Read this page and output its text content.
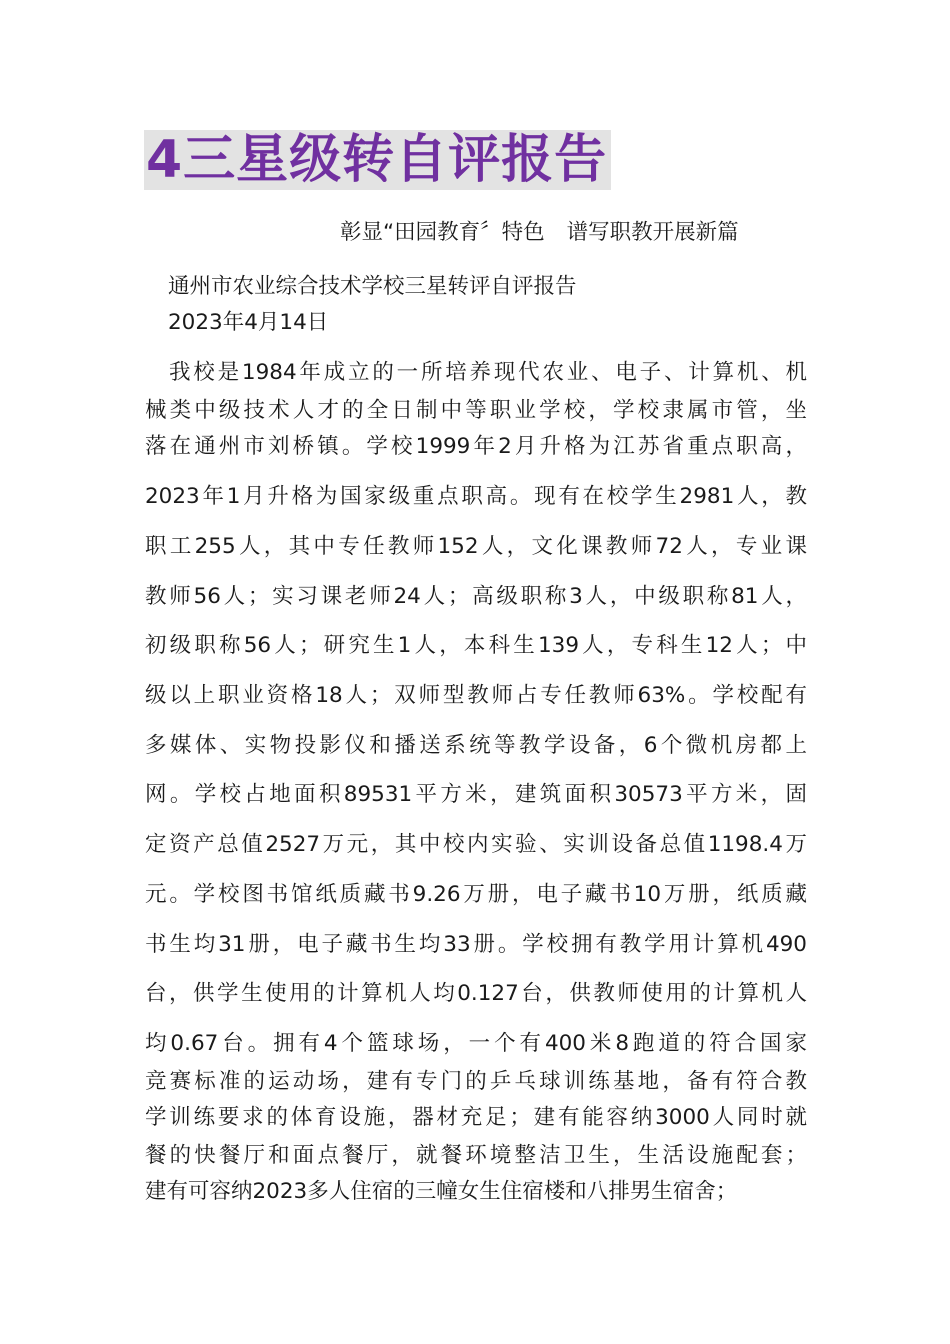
4三星级转自评报告
彰显“田园教育〞特色 谱写职教开展新篇
通州市农业综合技术学校三星转评自评报告
2023年4月14日
我校是1984年成立的一所培养现代农业、电子、计算机、机
械类中级技术人才的全日制中等职业学校，学校隶属市管，坐
落在通州市刘桥镇。学校1999年2月升格为江苏省重点职高，
2023年1月升格为国家级重点职高。现有在校学生2981人，教
职工255人，其中专任教师152人，文化课教师72人，专业课
教师56人；实习课老师24人；高级职称3人，中级职称81人，
初级职称56人；研究生1人，本科生139人，专科生12人；中
级以上职业资格18人；双师型教师占专任教师63%。学校配有
多媒体、实物投影仪和播送系统等教学设备，6个微机房都上
网。学校占地面积89531平方米，建筑面积30573平方米，固
定资产总值2527万元，其中校内实验、实训设备总值1198.4万
元。学校图书馆纸质藏书9.26万册，电子藏书10万册，纸质藏
书生均31册，电子藏书生均33册。学校拥有教学用计算机490
台，供学生使用的计算机人均0.127台，供教师使用的计算机人
均0.67台。拥有4个篮球场，一个有400米8跑道的符合国家
竞赛标准的运动场，建有专门的乒乓球训练基地，备有符合教
学训练要求的体育设施，器材充足；建有能容纳3000人同时就
餐的快餐厅和面点餐厅，就餐环境整洁卫生，生活设施配套；
建有可容纳2023多人住宿的三幢女生住宿楼和八排男生宿舍；
